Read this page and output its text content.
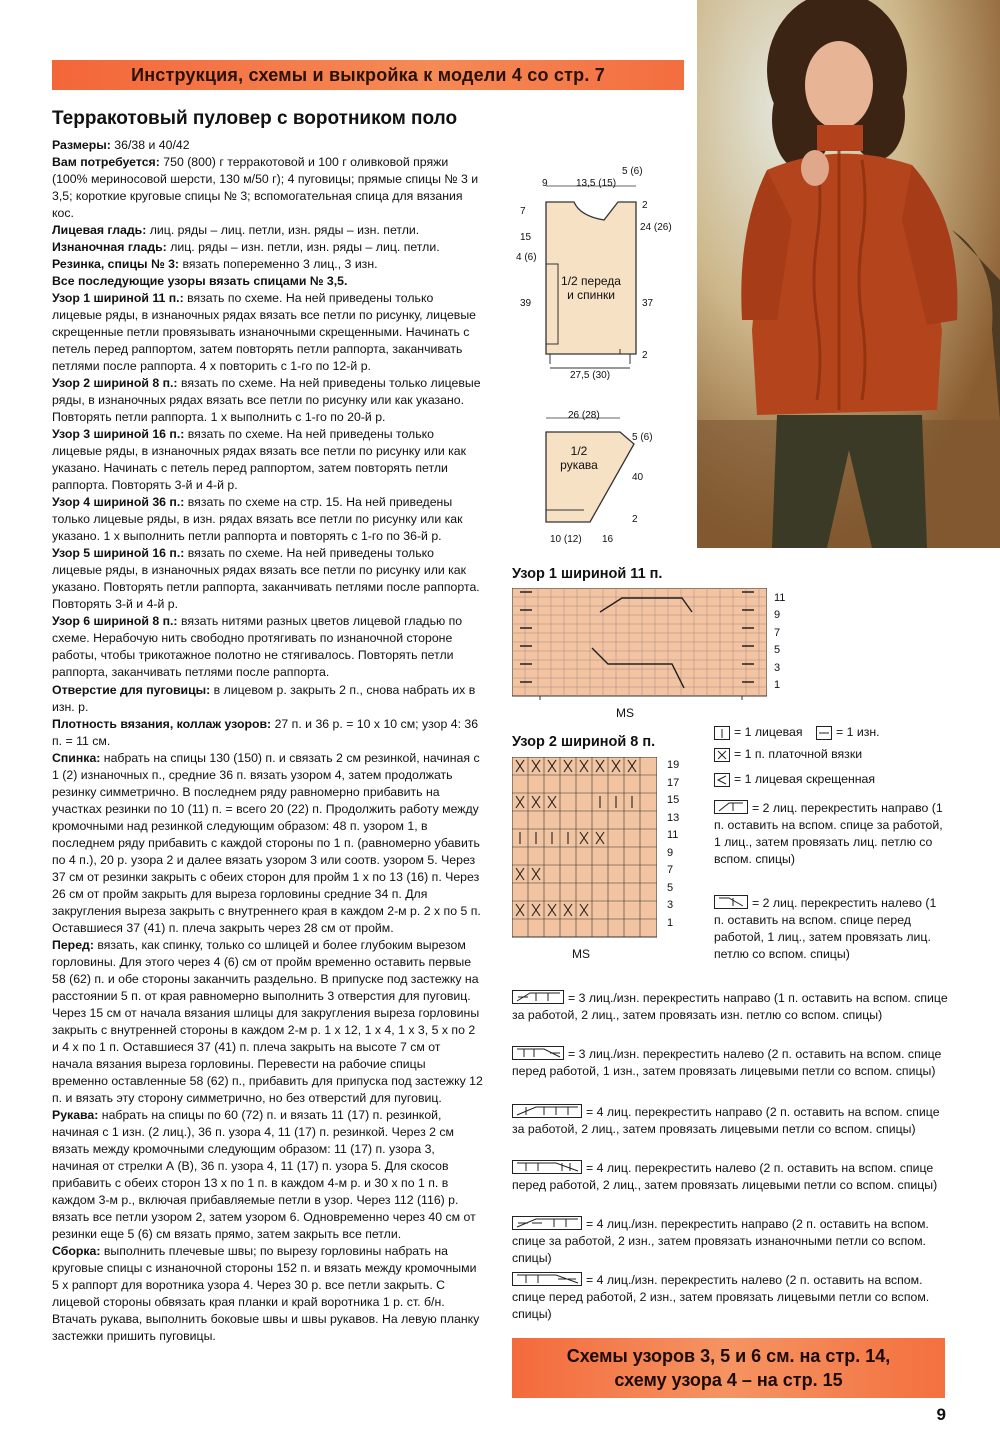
Инструкция, схемы и выкройка к модели 4 со стр. 7
Терракотовый пуловер с воротником поло

Размеры: 36/38 и 40/42

Вам потребуется: 750 (800) г терракотовой и 100 г оливковой пряжи (100% мериносовой шерсти, 130 м/50 г); 4 пуговицы; прямые спицы № 3 и 3,5; короткие круговые спицы № 3; вспомогательная спица для вязания кос.

Лицевая гладь: лиц. ряды – лиц. петли, изн. ряды – изн. петли.

Изнаночная гладь: лиц. ряды – изн. петли, изн. ряды – лиц. петли.

Резинка, спицы № 3: вязать попеременно 3 лиц., 3 изн.

Все последующие узоры вязать спицами № 3,5.

Узор 1 шириной 11 п.: вязать по схеме. На ней приведены только лицевые ряды, в изнаночных рядах вязать все петли по рисунку, лицевые скрещенные петли провязывать изнаночными скрещенными. Начинать с петель перед раппортом, затем повторять петли раппорта, заканчивать петлями после раппорта. 4 х повторить с 1-го по 12-й р.

Узор 2 шириной 8 п.: вязать по схеме. На ней приведены только лицевые ряды, в изнаночных рядах вязать все петли по рисунку или как указано. Повторять петли раппорта. 1 х выполнить с 1-го по 20-й р.

Узор 3 шириной 16 п.: вязать по схеме. На ней приведены только лицевые ряды, в изнаночных рядах вязать все петли по рисунку или как указано. Начинать с петель перед раппортом, затем повторять петли раппорта. Повторять 3-й и 4-й р.

Узор 4 шириной 36 п.: вязать по схеме на стр. 15. На ней приведены только лицевые ряды, в изн. рядах вязать все петли по рисунку или как указано. 1 х выполнить петли раппорта и повторять с 1-го по 36-й р.

Узор 5 шириной 16 п.: вязать по схеме. На ней приведены только лицевые ряды, в изнаночных рядах вязать все петли по рисунку или как указано. Повторять петли раппорта, заканчивать петлями после раппорта. Повторять 3-й и 4-й р.

Узор 6 шириной 8 п.: вязать нитями разных цветов лицевой гладью по схеме. Нерабочую нить свободно протягивать по изнаночной стороне работы, чтобы трикотажное полотно не стягивалось. Повторять петли раппорта, заканчивать петлями после раппорта.

Отверстие для пуговицы: в лицевом р. закрыть 2 п., снова набрать их в изн. р.

Плотность вязания, коллаж узоров: 27 п. и 36 р. = 10 х 10 см; узор 4: 36 п. = 11 см.

Спинка: набрать на спицы 130 (150) п. и связать 2 см резинкой, начиная с 1 (2) изнаночных п., средние 36 п. вязать узором 4, затем продолжать резинку симметрично. В последнем ряду равномерно прибавить на участках резинки по 10 (11) п. = всего 20 (22) п. Продолжить работу между кромочными над резинкой следующим образом: 48 п. узором 1, в последнем ряду прибавить с каждой стороны по 1 п. (равномерно убавить по 4 п.), 20 р. узора 2 и далее вязать узором 3 или соотв. узором 5. Через 37 см от резинки закрыть с обеих сторон для пройм 1 х по 13 (16) п. Через 26 см от пройм закрыть для выреза горловины средние 34 п. Для закругления выреза закрыть с внутреннего края в каждом 2-м р. 2 х по 5 п. Оставшиеся 37 (41) п. плеча закрыть через 28 см от пройм.

Перед: вязать, как спинку, только со шлицей и более глубоким вырезом горловины. Для этого через 4 (6) см от пройм временно оставить первые 58 (62) п. и обе стороны заканчить раздельно. В припуске под застежку на расстоянии 5 п. от края равномерно выполнить 3 отверстия для пуговиц. Через 15 см от начала вязания шлицы для закругления выреза горловины закрыть с внутренней стороны в каждом 2-м р. 1 х 12, 1 х 4, 1 х 3, 5 х по 2 и 4 х по 1 п. Оставшиеся 37 (41) п. плеча закрыть на высоте 7 см от начала вязания выреза горловины. Перевести на рабочие спицы временно оставленные 58 (62) п., прибавить для припуска под застежку 12 п. и вязать эту сторону симметрично, но без отверстий для пуговиц.

Рукава: набрать на спицы по 60 (72) п. и вязать 11 (17) п. резинкой, начиная с 1 изн. (2 лиц.), 36 п. узора 4, 11 (17) п. резинкой. Через 2 см вязать между кромочными следующим образом: 11 (17) п. узора 3, начиная от стрелки А (В), 36 п. узора 4, 11 (17) п. узора 5. Для скосов прибавить с обеих сторон 13 х по 1 п. в каждом 4-м р. и 30 х по 1 п. в каждом 3-м р., включая прибавляемые петли в узор. Через 112 (116) р. вязать все петли узором 2, затем узором 6. Одновременно через 40 см от резинки еще 5 (6) см вязать прямо, затем закрыть все петли.

Сборка: выполнить плечевые швы; по вырезу горловины набрать на круговые спицы с изнаночной стороны 152 п. и вязать между кромочными 5 х раппорт для воротника узора 4. Через 30 р. все петли закрыть. С лицевой стороны обвязать края планки и край воротника 1 р. ст. б/н. Втачать рукава, выполнить боковые швы и швы рукавов. На левую планку застежки пришить пуговицы.

9	13,5 (15)
5 (6)
7
15
4 (6)
39
2
24 (26)
37
2
1/2 переда
и спинки
27,5 (30)
26 (28)
5 (6)
40
2
1/2
рукава
10 (12) 16
Узор 1 шириной 11 п.
11
9
7
5
3
1
MS
Узор 2 шириной 8 п.
19
17
15
13
11
9
7
5
3
1
MS
= 1 лицевая	= 1 изн.
= 1 п. платочной вязки
= 1 лицевая скрещенная
= 2 лиц. перекрестить направо (1 п. оставить на вспом. спице за работой, 1 лиц., затем провязать лиц. петлю со вспом. спицы)
= 2 лиц. перекрестить налево (1 п. оставить на вспом. спице перед работой, 1 лиц., затем провязать лиц. петлю со вспом. спицы)
= 3 лиц./изн. перекрестить направо (1 п. оставить на вспом. спице за работой, 2 лиц., затем провязать изн. петлю со вспом. спицы)
= 3 лиц./изн. перекрестить налево (2 п. оставить на вспом. спице перед работой, 1 изн., затем провязать лицевыми петли со вспом. спицы)
= 4 лиц. перекрестить направо (2 п. оставить на вспом. спице за работой, 2 лиц., затем провязать лицевыми петли со вспом. спицы)
= 4 лиц. перекрестить налево (2 п. оставить на вспом. спице перед работой, 2 лиц., затем провязать лицевыми петли со вспом. спицы)
= 4 лиц./изн. перекрестить направо (2 п. оставить на вспом. спице за работой, 2 изн., затем провязать изнаночными петли со вспом. спицы)
= 4 лиц./изн. перекрестить налево (2 п. оставить на вспом. спице перед работой, 2 изн., затем провязать лицевыми петли со вспом. спицы)
Схемы узоров 3, 5 и 6 см. на стр. 14,
схему узора 4 – на стр. 15
9
